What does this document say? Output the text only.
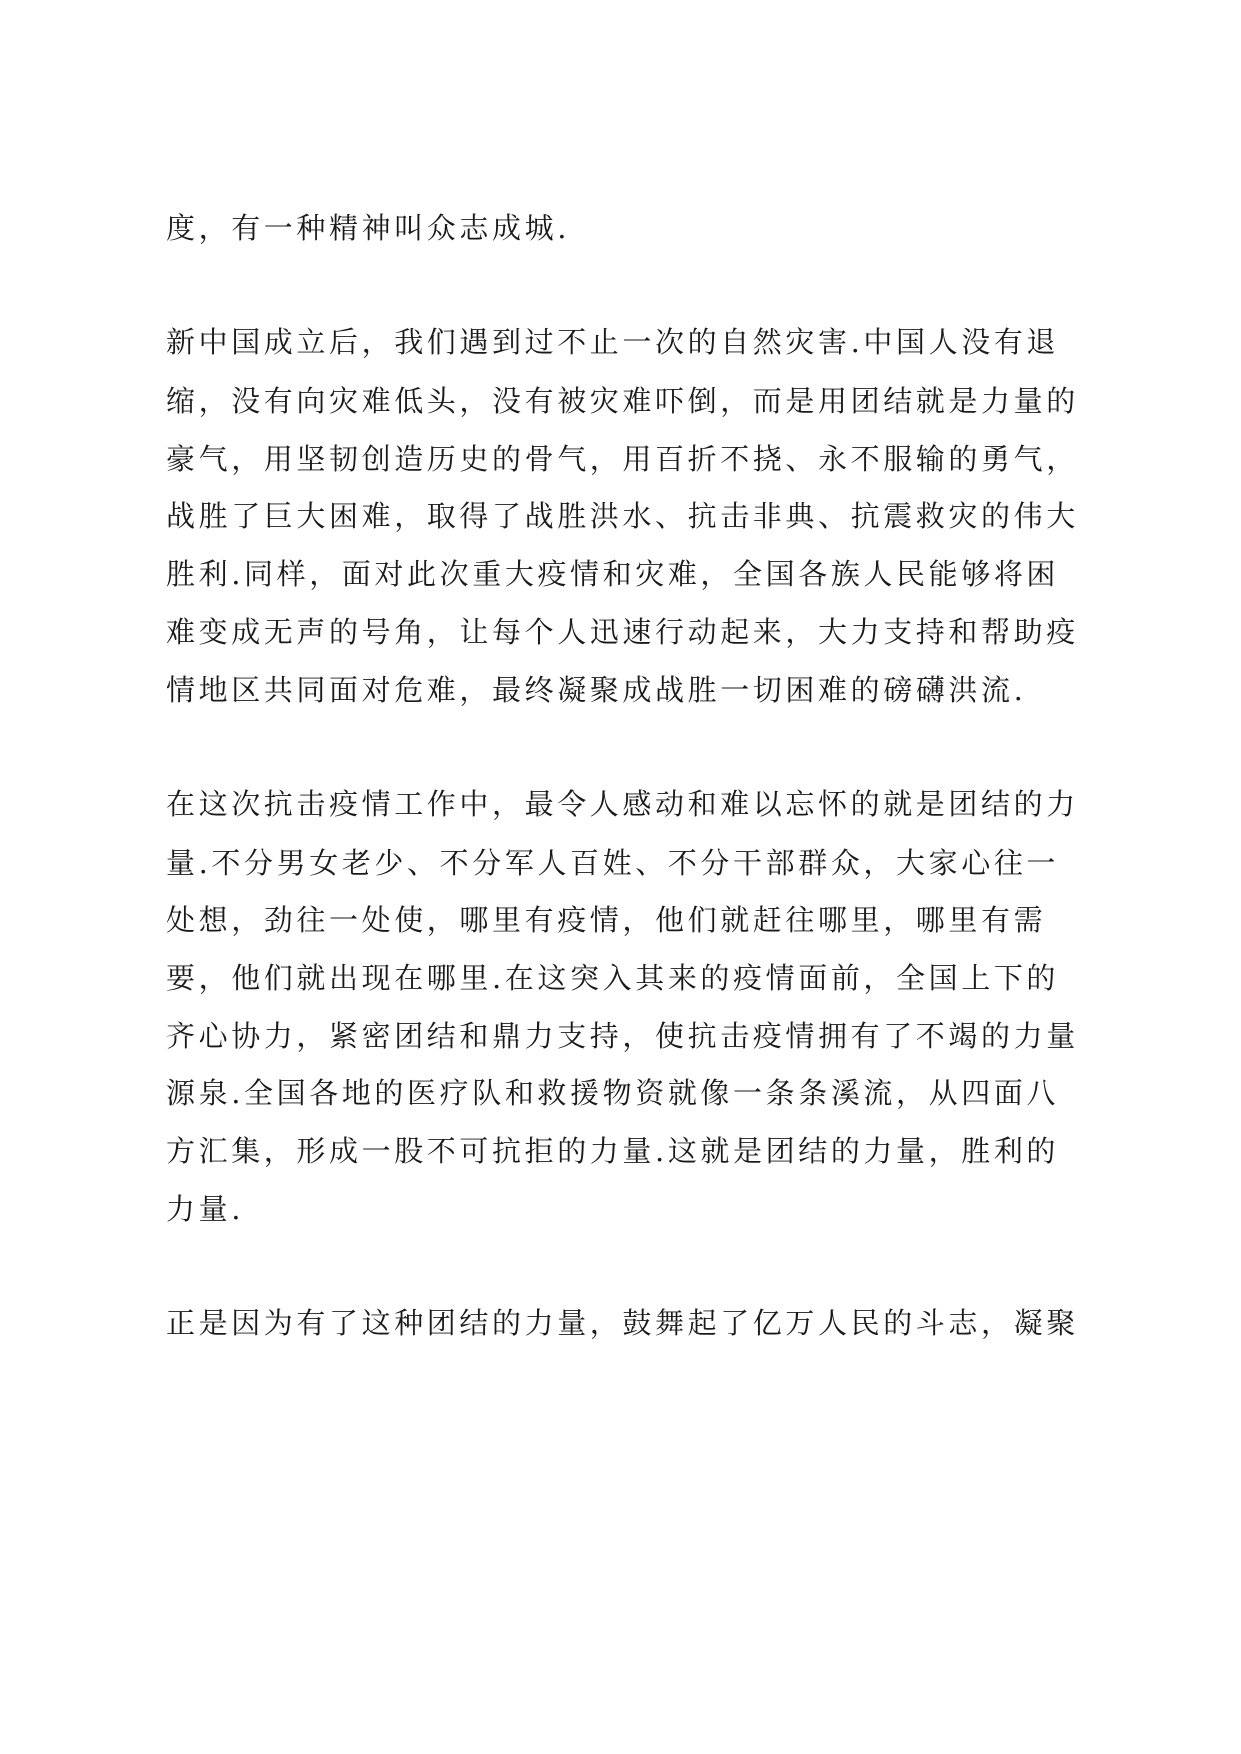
度，有一种精神叫众志成城.
新中国成立后，我们遇到过不止一次的自然灾害.中国人没有退
缩，没有向灾难低头，没有被灾难吓倒，而是用团结就是力量的
豪气，用坚韧创造历史的骨气，用百折不挠、永不服输的勇气，
战胜了巨大困难，取得了战胜洪水、抗击非典、抗震救灾的伟大
胜利.同样，面对此次重大疫情和灾难，全国各族人民能够将困
难变成无声的号角，让每个人迅速行动起来，大力支持和帮助疫
情地区共同面对危难，最终凝聚成战胜一切困难的磅礴洪流.
在这次抗击疫情工作中，最令人感动和难以忘怀的就是团结的力
量.不分男女老少、不分军人百姓、不分干部群众，大家心往一
处想，劲往一处使，哪里有疫情，他们就赶往哪里，哪里有需
要，他们就出现在哪里.在这突入其来的疫情面前，全国上下的
齐心协力，紧密团结和鼎力支持，使抗击疫情拥有了不竭的力量
源泉.全国各地的医疗队和救援物资就像一条条溪流，从四面八
方汇集，形成一股不可抗拒的力量.这就是团结的力量，胜利的
力量.
正是因为有了这种团结的力量，鼓舞起了亿万人民的斗志，凝聚
